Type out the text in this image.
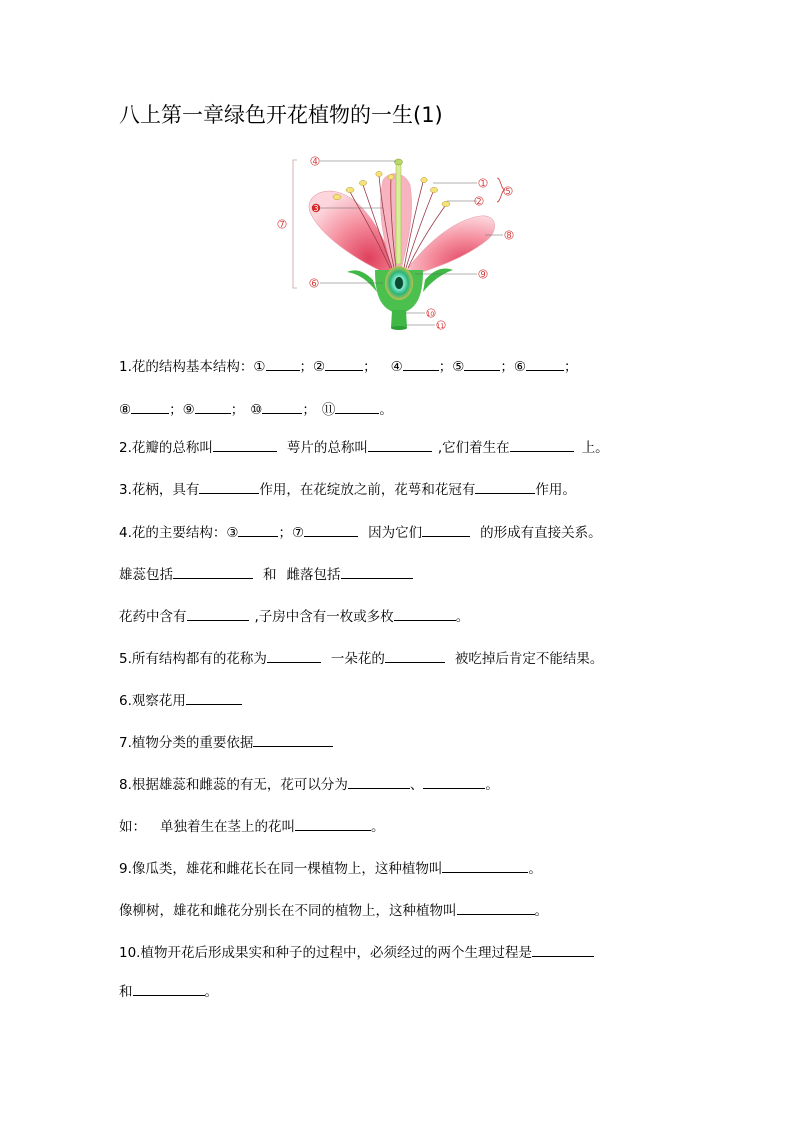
八上第一章绿色开花植物的一生(1)
4
7
3
6
1
2
5
8
9
10
11
1.花的结构基本结构：①	；②	； ④	；⑤	；⑥	；
⑧	；⑨	； ⑩	； ⑪	。
2.花瓣的总称叫	萼片的总称叫	,它们着生在	上。
3.花柄，具有	作用，在花绽放之前，花萼和花冠有	作用。
4.花的主要结构：③	；⑦	因为它们	的形成有直接关系。
雄蕊包括	和 雌落包括
花药中含有	,子房中含有一枚或多枚	。
5.所有结构都有的花称为	一朵花的	被吃掉后肯定不能结果。
6.观察花用
7.植物分类的重要依据
8.根据雄蕊和雌蕊的有无，花可以分为	、	。
如： 单独着生在茎上的花叫	。
9.像瓜类，雄花和雌花长在同一棵植物上，这种植物叫	。
像柳树，雄花和雌花分别长在不同的植物上，这种植物叫	。
10.植物开花后形成果实和种子的过程中，必须经过的两个生理过程是
和	。
